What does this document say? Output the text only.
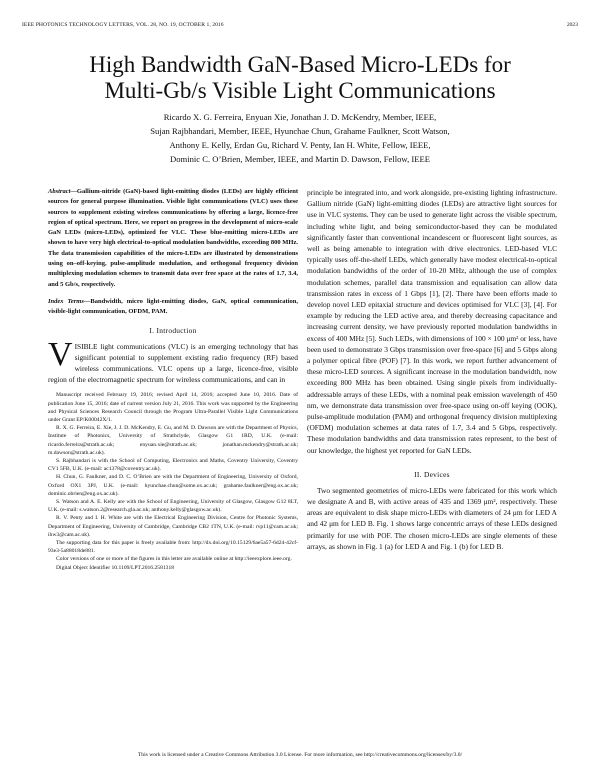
IEEE PHOTONICS TECHNOLOGY LETTERS, VOL. 28, NO. 19, OCTOBER 1, 2016	2023
High Bandwidth GaN-Based Micro-LEDs for
Multi-Gb/s Visible Light Communications
Ricardo X. G. Ferreira, Enyuan Xie, Jonathan J. D. McKendry, Member, IEEE,
Sujan Rajbhandari, Member, IEEE, Hyunchae Chun, Grahame Faulkner, Scott Watson,
Anthony E. Kelly, Erdan Gu, Richard V. Penty, Ian H. White, Fellow, IEEE,
Dominic C. O’Brien, Member, IEEE, and Martin D. Dawson, Fellow, IEEE

Abstract—Gallium-nitride (GaN)-based light-emitting diodes (LEDs) are highly efficient sources for general purpose illumination. Visible light communications (VLC) uses these sources to supplement existing wireless communications by offering a large, licence-free region of optical spectrum. Here, we report on progress in the development of micro-scale GaN LEDs (micro-LEDs), optimized for VLC. These blue-emitting micro-LEDs are shown to have very high electrical-to-optical modulation bandwidths, exceeding 800 MHz. The data transmission capabilities of the micro-LEDs are illustrated by demonstrations using on–off-keying, pulse-amplitude modulation, and orthogonal frequency division multiplexing modulation schemes to transmit data over free space at the rates of 1.7, 3.4, and 5 Gb/s, respectively.

Index Terms—Bandwidth, micro light-emitting diodes, GaN, optical communication, visible-light communication, OFDM, PAM.

I. Introduction

VISIBLE light communications (VLC) is an emerging technology that has significant potential to supplement existing radio frequency (RF) based wireless communications. VLC opens up a large, licence-free, visible region of the electromagnetic spectrum for wireless communications, and can in

Manuscript received February 19, 2016; revised April 14, 2016; accepted June 10, 2016. Date of publication June 15, 2016; date of current version July 21, 2016. This work was supported by the Engineering and Physical Sciences Research Council through the Program Ultra-Parallel Visible Light Communications under Grant EP/K00042X/1.

R. X. G. Ferreira, E. Xie, J. J. D. McKendry, E. Gu, and M. D. Dawson are with the Department of Physics, Institute of Photonics, University of Strathclyde, Glasgow G1 1RD, U.K. (e-mail: ricardo.ferreira@strath.ac.uk; enyuan.xie@strath.ac.uk; jonathan.mckendry@strath.ac.uk; m.dawson@strath.ac.uk).

S. Rajbhandari is with the School of Computing, Electronics and Maths, Coventry University, Coventry CV1 5FB, U.K. (e-mail: ac1378@coventry.ac.uk).

H. Chun, G. Faulkner, and D. C. O’Brien are with the Department of Engineering, University of Oxford, Oxford OX1 3PJ, U.K. (e-mail: hyunchae.chun@some.ox.ac.uk; grahame.faulkner@eng.ox.ac.uk; dominic.obrien@eng.ox.ac.uk).

S. Watson and A. E. Kelly are with the School of Engineering, University of Glasgow, Glasgow G12 8LT, U.K. (e-mail: s.watson.2@research.gla.ac.uk; anthony.kelly@glasgow.ac.uk).

R. V. Penty and I. H. White are with the Electrical Engineering Division, Centre for Photonic Systems, Department of Engineering, University of Cambridge, Cambridge CB2 1TN, U.K. (e-mail: rvp11@cam.ac.uk; ihw3@cam.ac.uk).

The supporting data for this paper is freely available from: http://dx.doi.org/10.15129/6ae5a57-6d24-42cf-93e3-5a88018de881.

Color versions of one or more of the figures in this letter are available online at http://ieeexplore.ieee.org.

Digital Object Identifier 10.1109/LPT.2016.2581318

principle be integrated into, and work alongside, pre-existing lighting infrastructure. Gallium nitride (GaN) light-emitting diodes (LEDs) are attractive light sources for use in VLC systems. They can be used to generate light across the visible spectrum, including white light, and being semiconductor-based they can be modulated significantly faster than conventional incandescent or fluorescent light sources, as well as being amenable to integration with drive electronics. LED-based VLC typically uses off-the-shelf LEDs, which generally have modest electrical-to-optical modulation bandwidths of the order of 10-20 MHz, although the use of complex modulation schemes, parallel data transmission and equalisation can allow data transmission rates in excess of 1 Gbps [1], [2]. There have been efforts made to develop novel LED epitaxial structure and devices optimised for VLC [3], [4]. For example by reducing the LED active area, and thereby decreasing capacitance and increasing current density, we have previously reported modulation bandwidths in excess of 400 MHz [5]. Such LEDs, with dimensions of 100 × 100 μm² or less, have been used to demonstrate 3 Gbps transmission over free-space [6] and 5 Gbps along a polymer optical fibre (POF) [7]. In this work, we report further advancement of these micro-LED sources. A significant increase in the modulation bandwidth, now exceeding 800 MHz has been obtained. Using single pixels from individually-addressable arrays of these LEDs, with a nominal peak emission wavelength of 450 nm, we demonstrate data transmission over free-space using on-off keying (OOK), pulse-amplitude modulation (PAM) and orthogonal frequency division multiplexing (OFDM) modulation schemes at data rates of 1.7, 3.4 and 5 Gbps, respectively. These modulation bandwidths and data transmission rates represent, to the best of our knowledge, the highest yet reported for GaN LEDs.

II. Devices

Two segmented geometries of micro-LEDs were fabricated for this work which we designate A and B, with active areas of 435 and 1369 μm², respectively. These areas are equivalent to disk shape micro-LEDs with diameters of 24 μm for LED A and 42 μm for LED B. Fig. 1 shows large concentric arrays of these LEDs designed primarily for use with POF. The chosen micro-LEDs are single elements of these arrays, as shown in Fig. 1 (a) for LED A and Fig. 1 (b) for LED B.

This work is licensed under a Creative Commons Attribution 3.0 License. For more information, see http://creativecommons.org/licenses/by/3.0/
